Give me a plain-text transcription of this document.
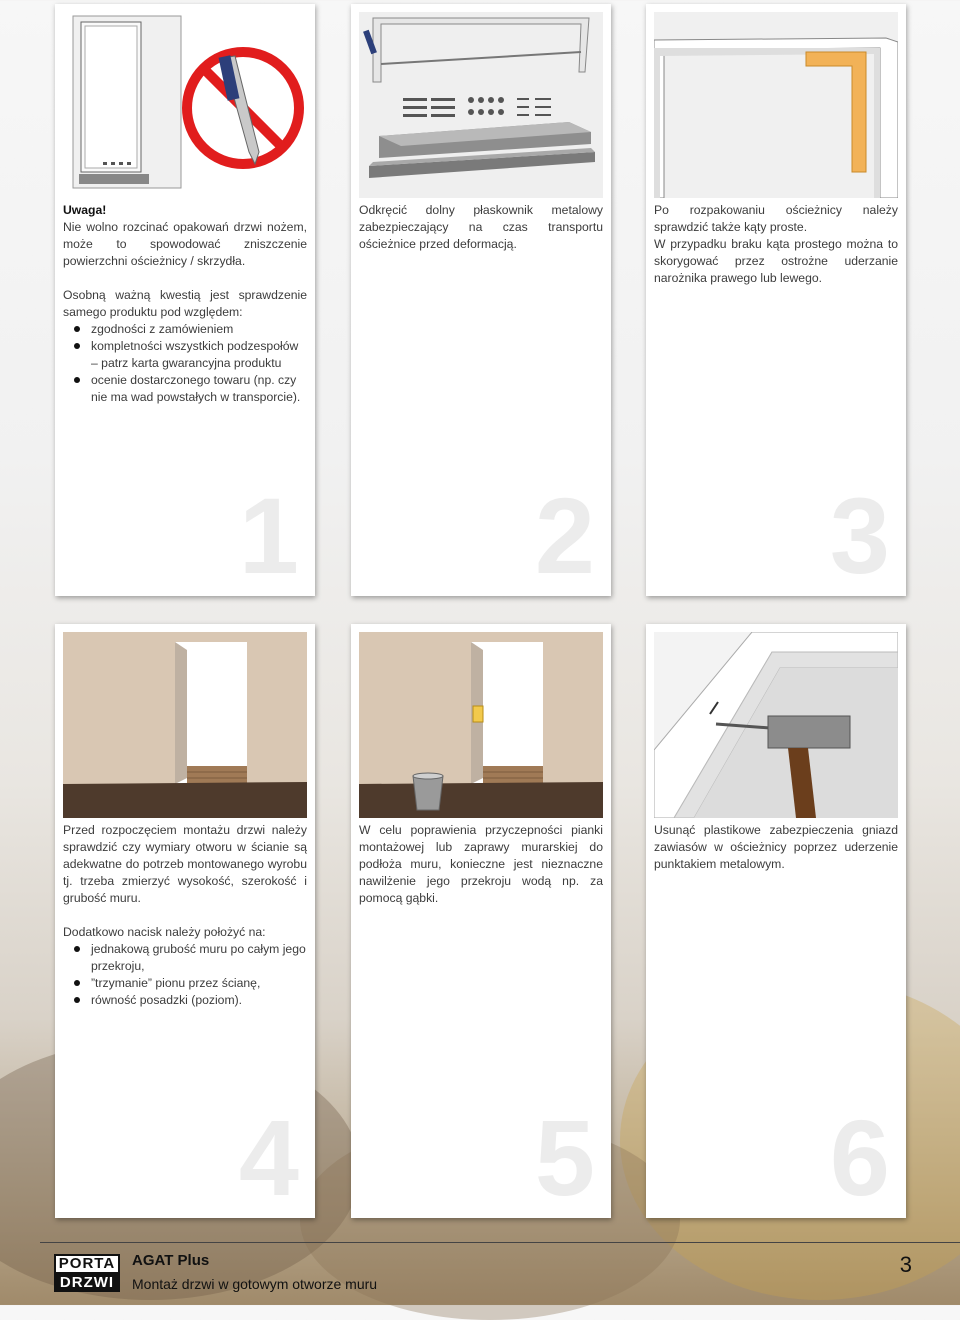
Uwaga!

Nie wolno rozcinać opakowań drzwi nożem, może to spowodować zniszczenie powierzchni ościeżnicy / skrzydła.

Osobną ważną kwestią jest sprawdzenie samego produktu pod względem:

zgodności z zamówieniem
kompletności wszystkich podzespołów – patrz karta gwarancyjna produktu
ocenie dostarczonego towaru (np. czy nie ma wad powstałych w transporcie).
1

Odkręcić dolny płaskownik metalowy zabezpieczający na czas transportu ościeżnice przed deformacją.

2

Po rozpakowaniu ościeżnicy należy sprawdzić także kąty proste.

W przypadku braku kąta prostego można to skorygować przez ostrożne uderzanie narożnika prawego lub lewego.

3

Przed rozpoczęciem montażu drzwi należy sprawdzić czy wymiary otworu w ścianie są adekwatne do potrzeb montowanego wyrobu tj. trzeba zmierzyć wysokość, szerokość i grubość muru.

Dodatkowo nacisk należy położyć na:

jednakową grubość muru po całym jego przekroju,
”trzymanie” pionu przez ścianę,
równość posadzki (poziom).
4

W celu poprawienia przyczepności pianki montażowej lub zaprawy murarskiej do podłoża muru, konieczne jest nieznaczne nawilżenie jego przekroju wodą np. za pomocą gąbki.

5

Usunąć plastikowe zabezpieczenia gniazd zawiasów w ościeżnicy poprzez uderzenie punktakiem metalowym.

6
PORTA
DRZWI
AGAT Plus
Montaż drzwi w gotowym otworze muru
3
